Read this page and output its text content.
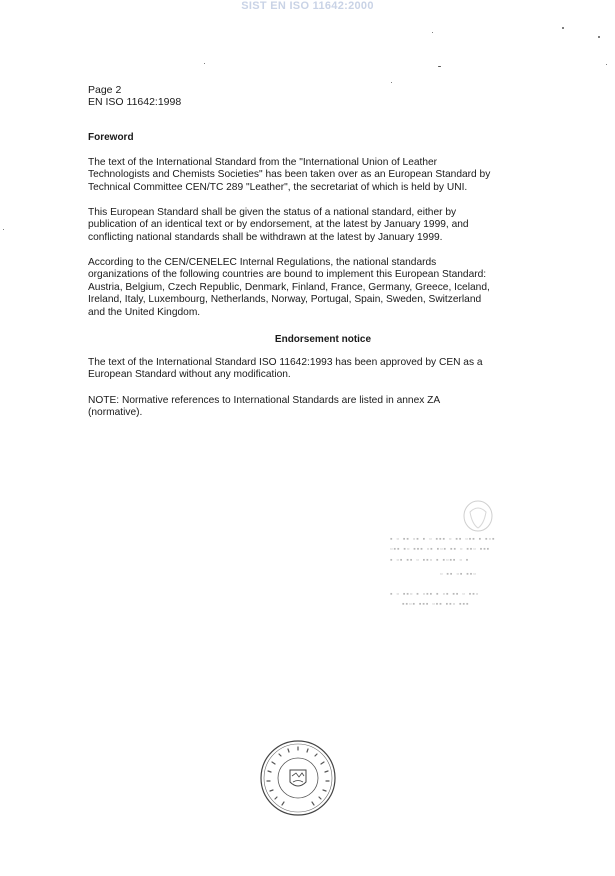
SIST EN ISO 11642:2000
Page 2
EN ISO 11642:1998
Foreword
The text of the International Standard from the "International Union of Leather
Technologists and Chemists Societies" has been taken over as an European Standard by
Technical Committee CEN/TC 289 "Leather", the secretariat of which is held by UNI.
This European Standard shall be given the status of a national standard, either by
publication of an identical text or by endorsement, at the latest by January 1999, and
conflicting national standards shall be withdrawn at the latest by January 1999.
According to the CEN/CENELEC Internal Regulations, the national standards
organizations of the following countries are bound to implement this European Standard:
Austria, Belgium, Czech Republic, Denmark, Finland, France, Germany, Greece, Iceland,
Ireland, Italy, Luxembourg, Netherlands, Norway, Portugal, Spain, Sweden, Switzerland
and the United Kingdom.
Endorsement notice
The text of the International Standard ISO 11642:1993 has been approved by CEN as a
European Standard without any modification.
NOTE: Normative references to International Standards are listed in annex ZA
(normative).
▪ ▫ ▪▪ ▫▪ ▪ ▫ ▪▪▪ ▫ ▪▪ ▫▪▪ ▪ ▪▫▪
▫▪▪ ▪▫ ▪▪▪ ▫▪ ▪▫▪ ▪▪ ▫ ▪▪▫ ▪▪▪
▪ ▫▪ ▪▪ ▫ ▪▪▫ ▪ ▪▫▪▪ ▫ ▪
▫ ▪▪ ▫▪ ▪▪▫
▪ ▫ ▪▪▫ ▪ ▫▪▪ ▪ ▫▪ ▪▪ ▫ ▪▪▫
▪▪▫▪ ▪▪▪ ▫▪▪ ▪▪▫ ▪▪▪
